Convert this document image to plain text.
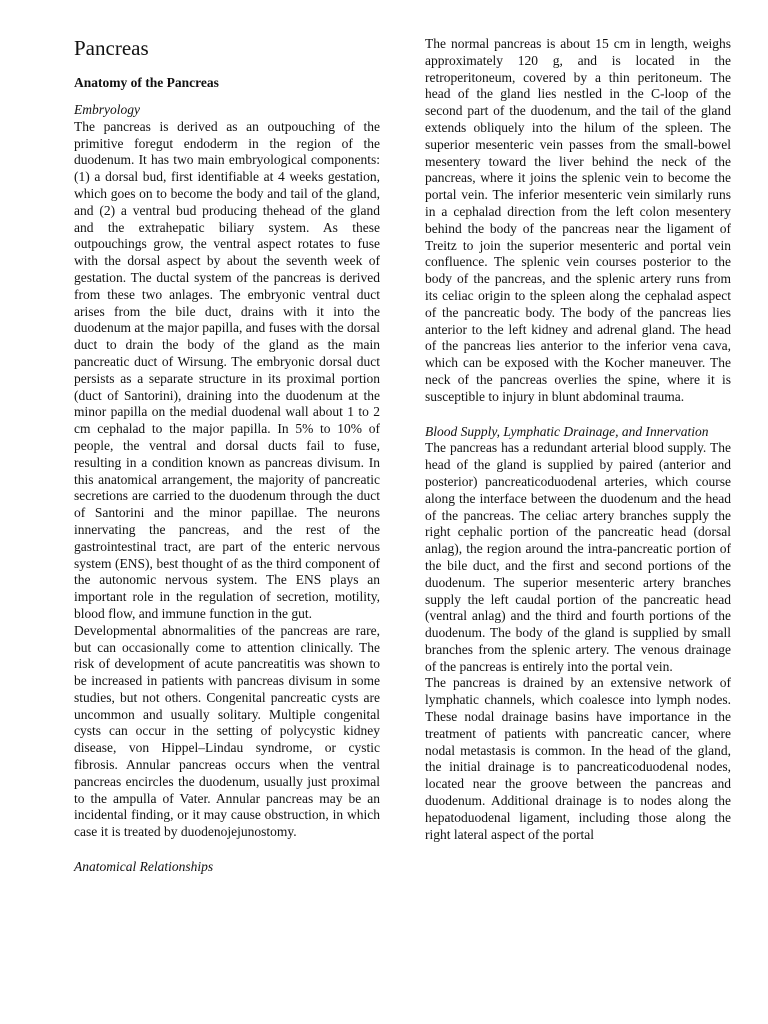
Pancreas
Anatomy of the Pancreas
Embryology

The pancreas is derived as an outpouching of the primitive foregut endoderm in the region of the duodenum. It has two main embryological components: (1) a dorsal bud, first identifiable at 4 weeks gestation, which goes on to become the body and tail of the gland, and (2) a ventral bud producing thehead of the gland and the extrahepatic biliary system. As these outpouchings grow, the ventral aspect rotates to fuse with the dorsal aspect by about the seventh week of gestation. The ductal system of the pancreas is derived from these two anlages. The embryonic ventral duct arises from the bile duct, drains with it into the duodenum at the major papilla, and fuses with the dorsal duct to drain the body of the gland as the main pancreatic duct of Wirsung. The embryonic dorsal duct persists as a separate structure in its proximal portion (duct of Santorini), draining into the duodenum at the minor papilla on the medial duodenal wall about 1 to 2 cm cephalad to the major papilla. In 5% to 10% of people, the ventral and dorsal ducts fail to fuse, resulting in a condition known as pancreas divisum. In this anatomical arrangement, the majority of pancreatic secretions are carried to the duodenum through the duct of Santorini and the minor papillae. The neurons innervating the pancreas, and the rest of the gastrointestinal tract, are part of the enteric nervous system (ENS), best thought of as the third component of the autonomic nervous system. The ENS plays an important role in the regulation of secretion, motility, blood flow, and immune function in the gut.

Developmental abnormalities of the pancreas are rare, but can occasionally come to attention clinically. The risk of development of acute pancreatitis was shown to be increased in patients with pancreas divisum in some studies, but not others. Congenital pancreatic cysts are uncommon and usually solitary. Multiple congenital cysts can occur in the setting of polycystic kidney disease, von Hippel–Lindau syndrome, or cystic fibrosis. Annular pancreas occurs when the ventral pancreas encircles the duodenum, usually just proximal to the ampulla of Vater. Annular pancreas may be an incidental finding, or it may cause obstruction, in which case it is treated by duodenojejunostomy.

Anatomical Relationships

The normal pancreas is about 15 cm in length, weighs approximately 120 g, and is located in the retroperitoneum, covered by a thin peritoneum. The head of the gland lies nestled in the C-loop of the second part of the duodenum, and the tail of the gland extends obliquely into the hilum of the spleen. The superior mesenteric vein passes from the small-bowel mesentery toward the liver behind the neck of the pancreas, where it joins the splenic vein to become the portal vein. The inferior mesenteric vein similarly runs in a cephalad direction from the left colon mesentery behind the body of the pancreas near the ligament of Treitz to join the superior mesenteric and portal vein confluence. The splenic vein courses posterior to the body of the pancreas, and the splenic artery runs from its celiac origin to the spleen along the cephalad aspect of the pancreatic body. The body of the pancreas lies anterior to the left kidney and adrenal gland. The head of the pancreas lies anterior to the inferior vena cava, which can be exposed with the Kocher maneuver. The neck of the pancreas overlies the spine, where it is susceptible to injury in blunt abdominal trauma.

Blood Supply, Lymphatic Drainage, and Innervation

The pancreas has a redundant arterial blood supply. The head of the gland is supplied by paired (anterior and posterior) pancreaticoduodenal arteries, which course along the interface between the duodenum and the head of the pancreas. The celiac artery branches supply the right cephalic portion of the pancreatic head (dorsal anlag), the region around the intra-pancreatic portion of the bile duct, and the first and second portions of the duodenum. The superior mesenteric artery branches supply the left caudal portion of the pancreatic head (ventral anlag) and the third and fourth portions of the duodenum. The body of the gland is supplied by small branches from the splenic artery. The venous drainage of the pancreas is entirely into the portal vein.

The pancreas is drained by an extensive network of lymphatic channels, which coalesce into lymph nodes. These nodal drainage basins have importance in the treatment of patients with pancreatic cancer, where nodal metastasis is common. In the head of the gland, the initial drainage is to pancreaticoduodenal nodes, located near the groove between the pancreas and duodenum. Additional drainage is to nodes along the hepatoduodenal ligament, including those along the right lateral aspect of the portal
